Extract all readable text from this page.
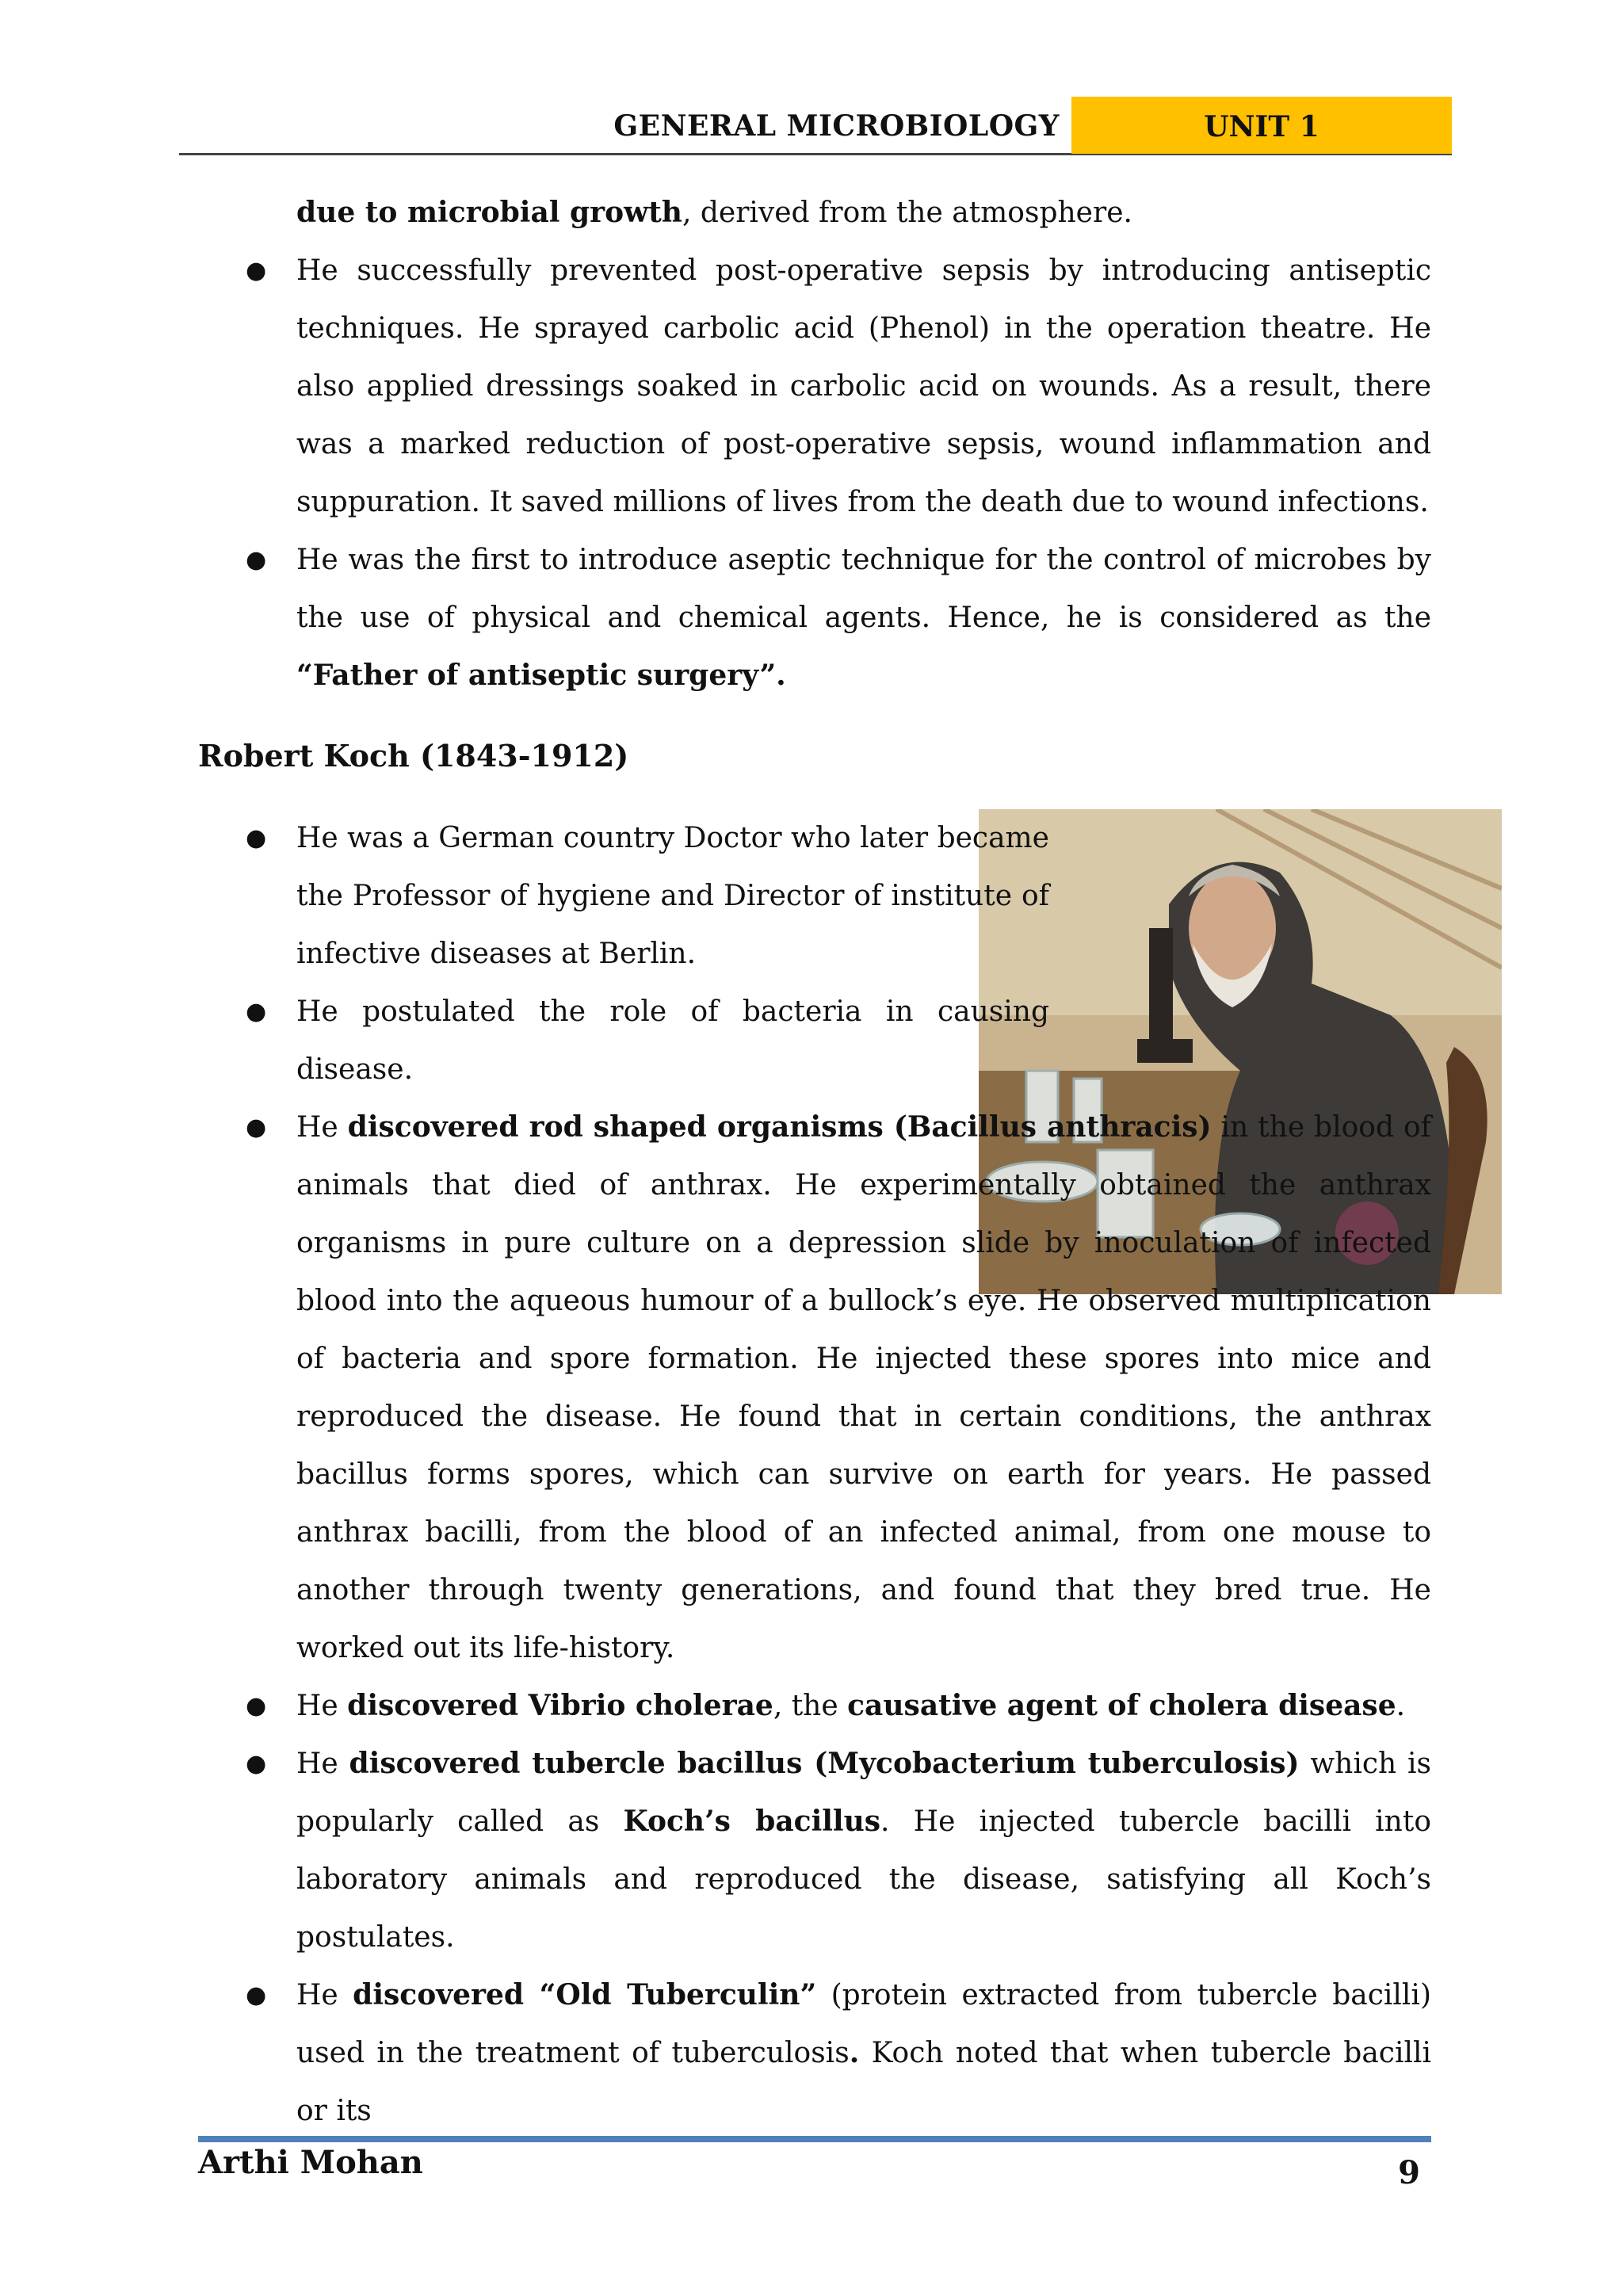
GENERAL MICROBIOLOGY	UNIT 1

due to microbial growth, derived from the atmosphere.

● He successfully prevented post-operative sepsis by introducing antiseptic techniques. He sprayed carbolic acid (Phenol) in the operation theatre. He also applied dressings soaked in carbolic acid on wounds. As a result, there was a marked reduction of post-operative sepsis, wound inflammation and suppuration. It saved millions of lives from the death due to wound infections.
● He was the first to introduce aseptic technique for the control of microbes by the use of physical and chemical agents. Hence, he is considered as the “Father of antiseptic surgery”.
Robert Koch (1843-1912)
● He was a German country Doctor who later became the Professor of hygiene and Director of institute of infective diseases at Berlin.
● He postulated the role of bacteria in causing disease.
● He discovered rod shaped organisms (Bacillus anthracis) in the blood of animals that died of anthrax. He experimentally obtained the anthrax organisms in pure culture on a depression slide by inoculation of infected blood into the aqueous humour of a bullock’s eye. He observed multiplication of bacteria and spore formation. He injected these spores into mice and reproduced the disease. He found that in certain conditions, the anthrax bacillus forms spores, which can survive on earth for years. He passed anthrax bacilli, from the blood of an infected animal, from one mouse to another through twenty generations, and found that they bred true. He worked out its life-history.
● He discovered Vibrio cholerae, the causative agent of cholera disease.
● He discovered tubercle bacillus (Mycobacterium tuberculosis) which is popularly called as Koch’s bacillus. He injected tubercle bacilli into laboratory animals and reproduced the disease, satisfying all Koch’s postulates.
● He discovered “Old Tuberculin” (protein extracted from tubercle bacilli) used in the treatment of tuberculosis. Koch noted that when tubercle bacilli or its
Arthi Mohan	9
